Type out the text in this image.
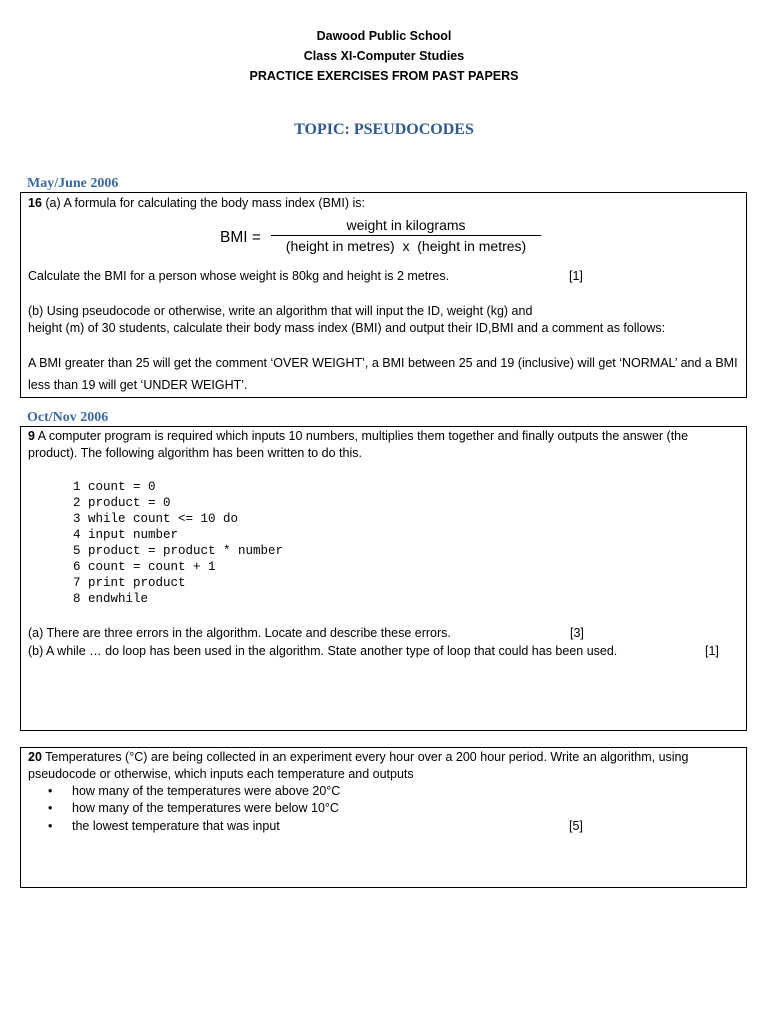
Dawood Public School
Class XI-Computer Studies
PRACTICE EXERCISES FROM PAST PAPERS
TOPIC: PSEUDOCODES
May/June 2006
16 (a) A formula for calculating the body mass index (BMI) is:
BMI =
weight in kilograms
(height in metres)  x  (height in metres)
Calculate the BMI for a person whose weight is 80kg and height is 2 metres.	[1]
(b) Using pseudocode or otherwise, write an algorithm that will input the ID, weight (kg) and
height (m) of 30 students, calculate their body mass index (BMI) and output their ID,BMI and a comment as follows:
A BMI greater than 25 will get the comment ‘OVER WEIGHT’, a BMI between 25 and 19 (inclusive) will get ‘NORMAL’ and a BMI
less than 19 will get ‘UNDER WEIGHT’.
Oct/Nov 2006
9 A computer program is required which inputs 10 numbers, multiplies them together and finally outputs the answer (the
product). The following algorithm has been written to do this.
1 count = 0
2 product = 0
3 while count <= 10 do
4 input number
5 product = product * number
6 count = count + 1
7 print product
8 endwhile
(a) There are three errors in the algorithm. Locate and describe these errors.	[3]
(b) A while … do loop has been used in the algorithm. State another type of loop that could has been used.	[1]
20 Temperatures (°C) are being collected in an experiment every hour over a 200 hour period. Write an algorithm, using
pseudocode or otherwise, which inputs each temperature and outputs
• how many of the temperatures were above 20°C
• how many of the temperatures were below 10°C
• the lowest temperature that was input	[5]
